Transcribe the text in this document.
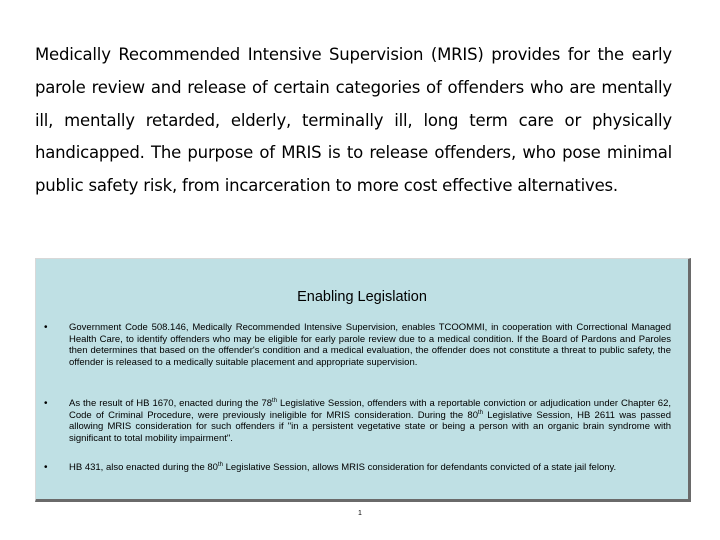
Medically Recommended Intensive Supervision (MRIS) provides for the early parole review and release of certain categories of offenders who are mentally ill, mentally retarded, elderly, terminally ill, long term care or physically handicapped. The purpose of MRIS is to release offenders, who pose minimal public safety risk, from incarceration to more cost effective alternatives.

Enabling Legislation
• Government Code 508.146, Medically Recommended Intensive Supervision, enables TCOOMMI, in cooperation with Correctional Managed Health Care, to identify offenders who may be eligible for early parole review due to a medical condition. If the Board of Pardons and Paroles then determines that based on the offender's condition and a medical evaluation, the offender does not constitute a threat to public safety, the offender is released to a medically suitable placement and appropriate supervision.

• As the result of HB 1670, enacted during the 78th Legislative Session, offenders with a reportable conviction or adjudication under Chapter 62, Code of Criminal Procedure, were previously ineligible for MRIS consideration. During the 80th Legislative Session, HB 2611 was passed allowing MRIS consideration for such offenders if "in a persistent vegetative state or being a person with an organic brain syndrome with significant to total mobility impairment".

• HB 431, also enacted during the 80th Legislative Session, allows MRIS consideration for defendants convicted of a state jail felony.

1
